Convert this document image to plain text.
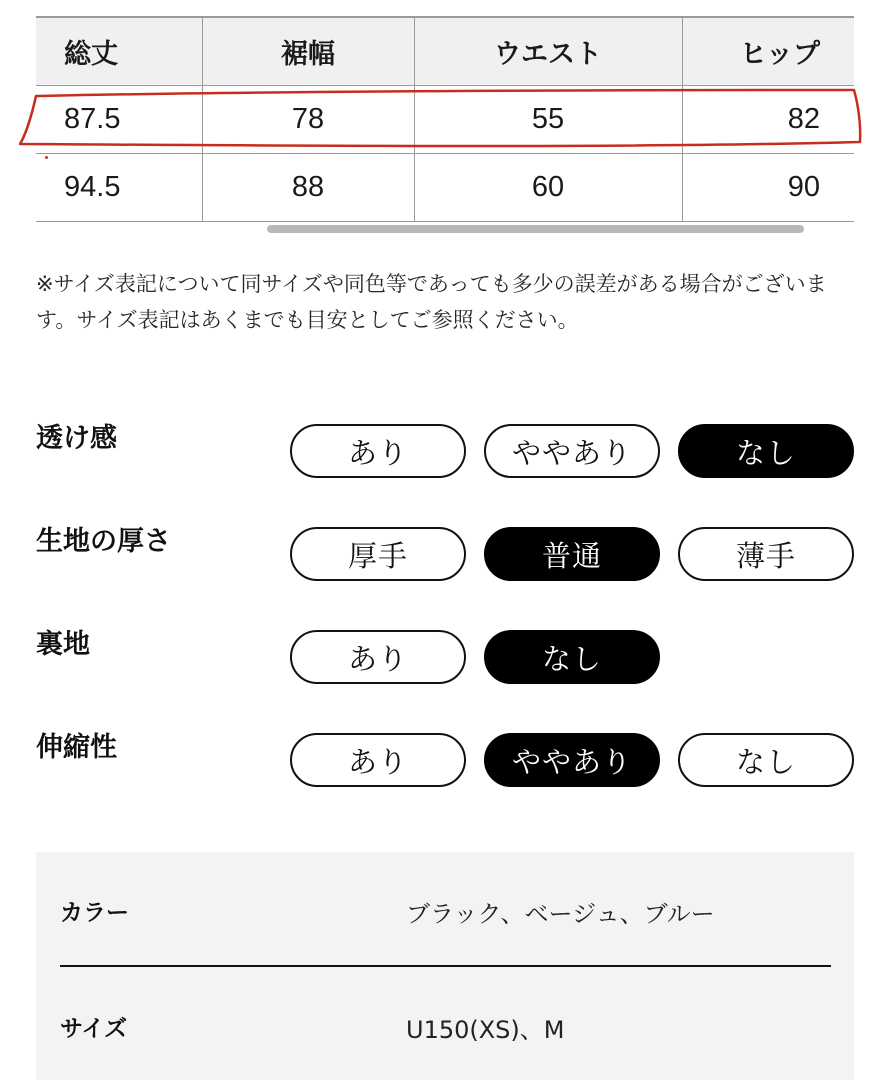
総丈	裾幅	ウエスト	ヒップ
87.5	78	55	82
94.5	88	60	90

※サイズ表記について同サイズや同色等であっても多少の誤差がある場合がございます。サイズ表記はあくまでも目安としてご参照ください。

透け感	あり	ややあり	なし
生地の厚さ	厚手	普通	薄手
裏地	あり	なし
伸縮性	あり	ややあり	なし
カラー	ブラック、ベージュ、ブルー
サイズ	U150(XS)、M
